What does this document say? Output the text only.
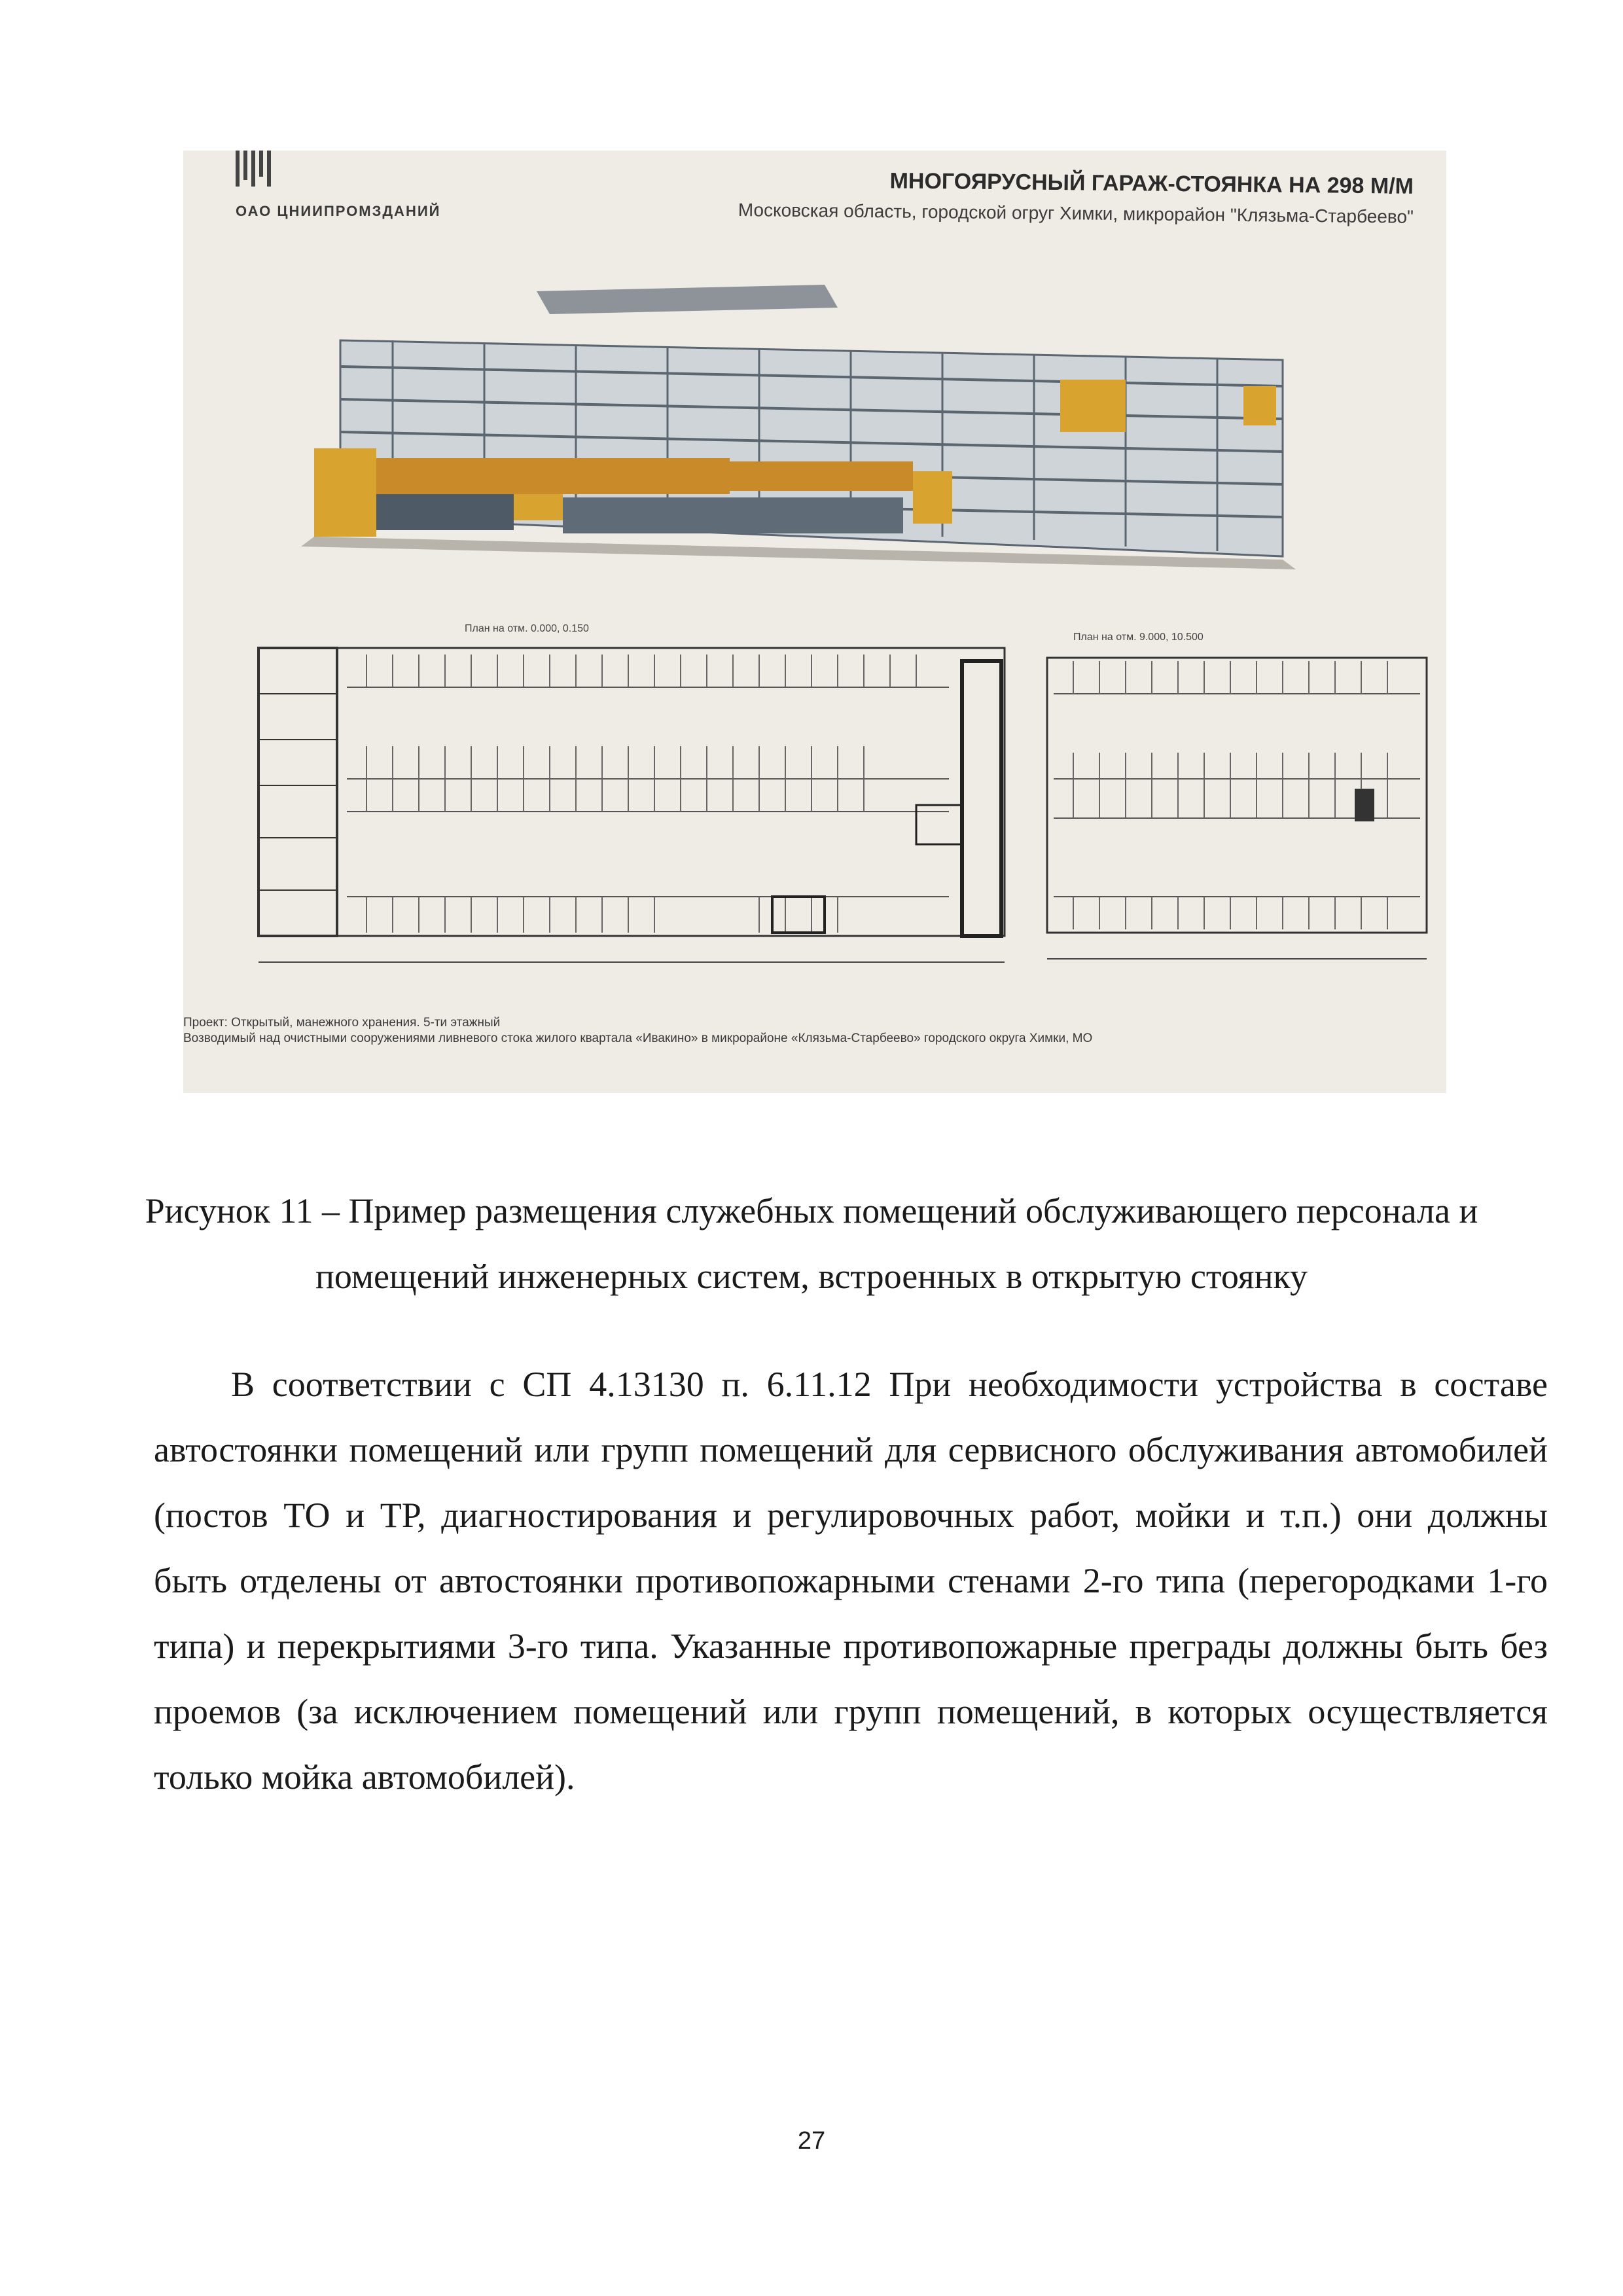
ОАО ЦНИИПРОМЗДАНИЙ
МНОГОЯРУСНЫЙ ГАРАЖ-СТОЯНКА НА 298 М/М
Московская область, городской огруг Химки, микрорайон "Клязьма-Старбеево"
План на отм. 0.000, 0.150
План на отм. 9.000, 10.500
Проект: Открытый, манежного хранения. 5-ти этажный
Возводимый над очистными сооружениями ливневого стока жилого квартала «Ивакино» в микрорайоне «Клязьма-Старбеево» городского округа Химки, МО
Рисунок 11 – Пример размещения служебных помещений обслуживающего персонала и помещений инженерных систем, встроенных в открытую стоянку
В соответствии с СП 4.13130 п. 6.11.12 При необходимости устройства в составе автостоянки помещений или групп помещений для сервисного обслуживания автомобилей (постов ТО и ТР, диагностирования и регулировочных работ, мойки и т.п.) они должны быть отделены от автостоянки противопожарными стенами 2-го типа (перегородками 1-го типа) и перекрытиями 3-го типа. Указанные противопожарные преграды должны быть без проемов (за исключением помещений или групп помещений, в которых осуществляется только мойка автомобилей).
27
